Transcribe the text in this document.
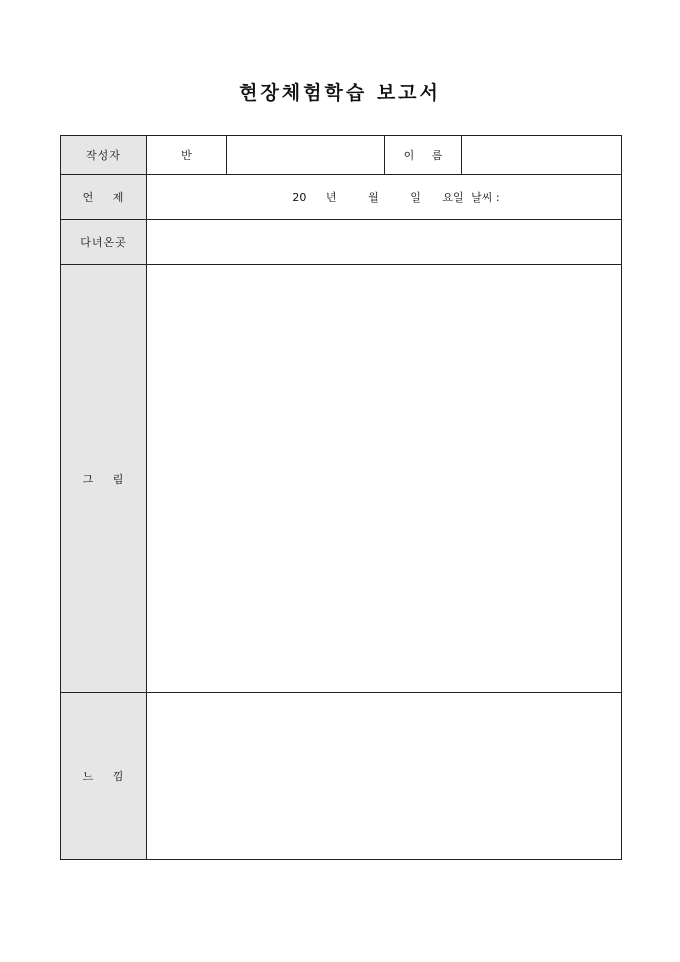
현장체험학습 보고서
작성자	반		이 름	
언 제	20 년 월 일 요일 날씨 :			
다녀온곳				
그 림				
느 낌				
